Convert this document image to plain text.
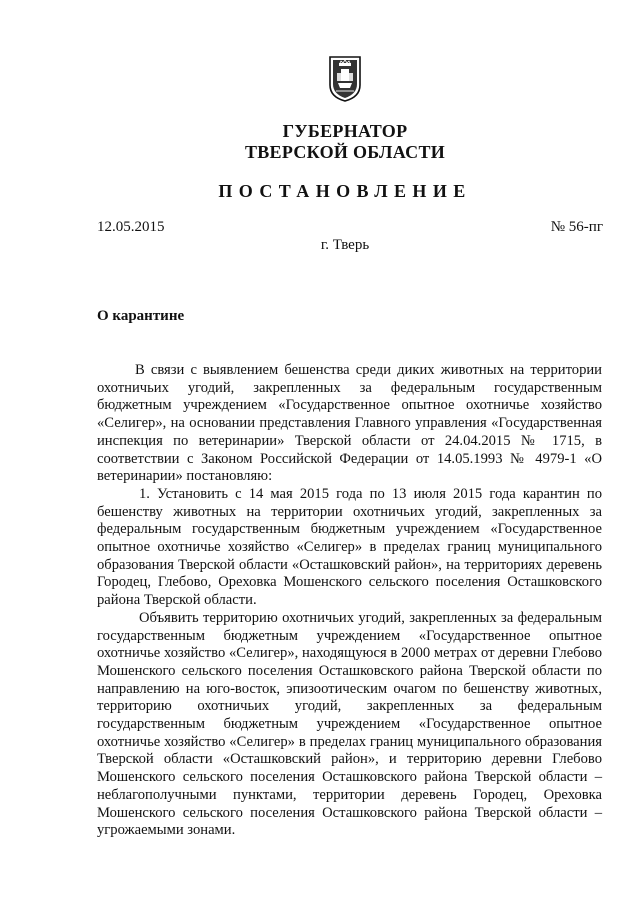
ГУБЕРНАТОР
ТВЕРСКОЙ ОБЛАСТИ
ПОСТАНОВЛЕНИЕ
12.05.2015	№ 56-пг
г. Тверь
О карантине

В связи с выявлением бешенства среди диких животных на территории охотничьих угодий, закрепленных за федеральным государственным бюджетным учреждением «Государственное опытное охотничье хозяйство «Селигер», на основании представления Главного управления «Государственная инспекция по ветеринарии» Тверской области от 24.04.2015 № 1715, в соответствии с Законом Российской Федерации от 14.05.1993 № 4979-1 «О ветеринарии» постановляю:

1. Установить с 14 мая 2015 года по 13 июля 2015 года карантин по бешенству животных на территории охотничьих угодий, закрепленных за федеральным государственным бюджетным учреждением «Государственное опытное охотничье хозяйство «Селигер» в пределах границ муниципального образования Тверской области «Осташковский район», на территориях деревень Городец, Глебово, Ореховка Мошенского сельского поселения Осташковского района Тверской области.

Объявить территорию охотничьих угодий, закрепленных за федеральным государственным бюджетным учреждением «Государственное опытное охотничье хозяйство «Селигер», находящуюся в 2000 метрах от деревни Глебово Мошенского сельского поселения Осташковского района Тверской области по направлению на юго-восток, эпизоотическим очагом по бешенству животных, территорию охотничьих угодий, закрепленных за федеральным государственным бюджетным учреждением «Государственное опытное охотничье хозяйство «Селигер» в пределах границ муниципального образования Тверской области «Осташковский район», и территорию деревни Глебово Мошенского сельского поселения Осташковского района Тверской области – неблагополучными пунктами, территории деревень Городец, Ореховка Мошенского сельского поселения Осташковского района Тверской области – угрожаемыми зонами.
